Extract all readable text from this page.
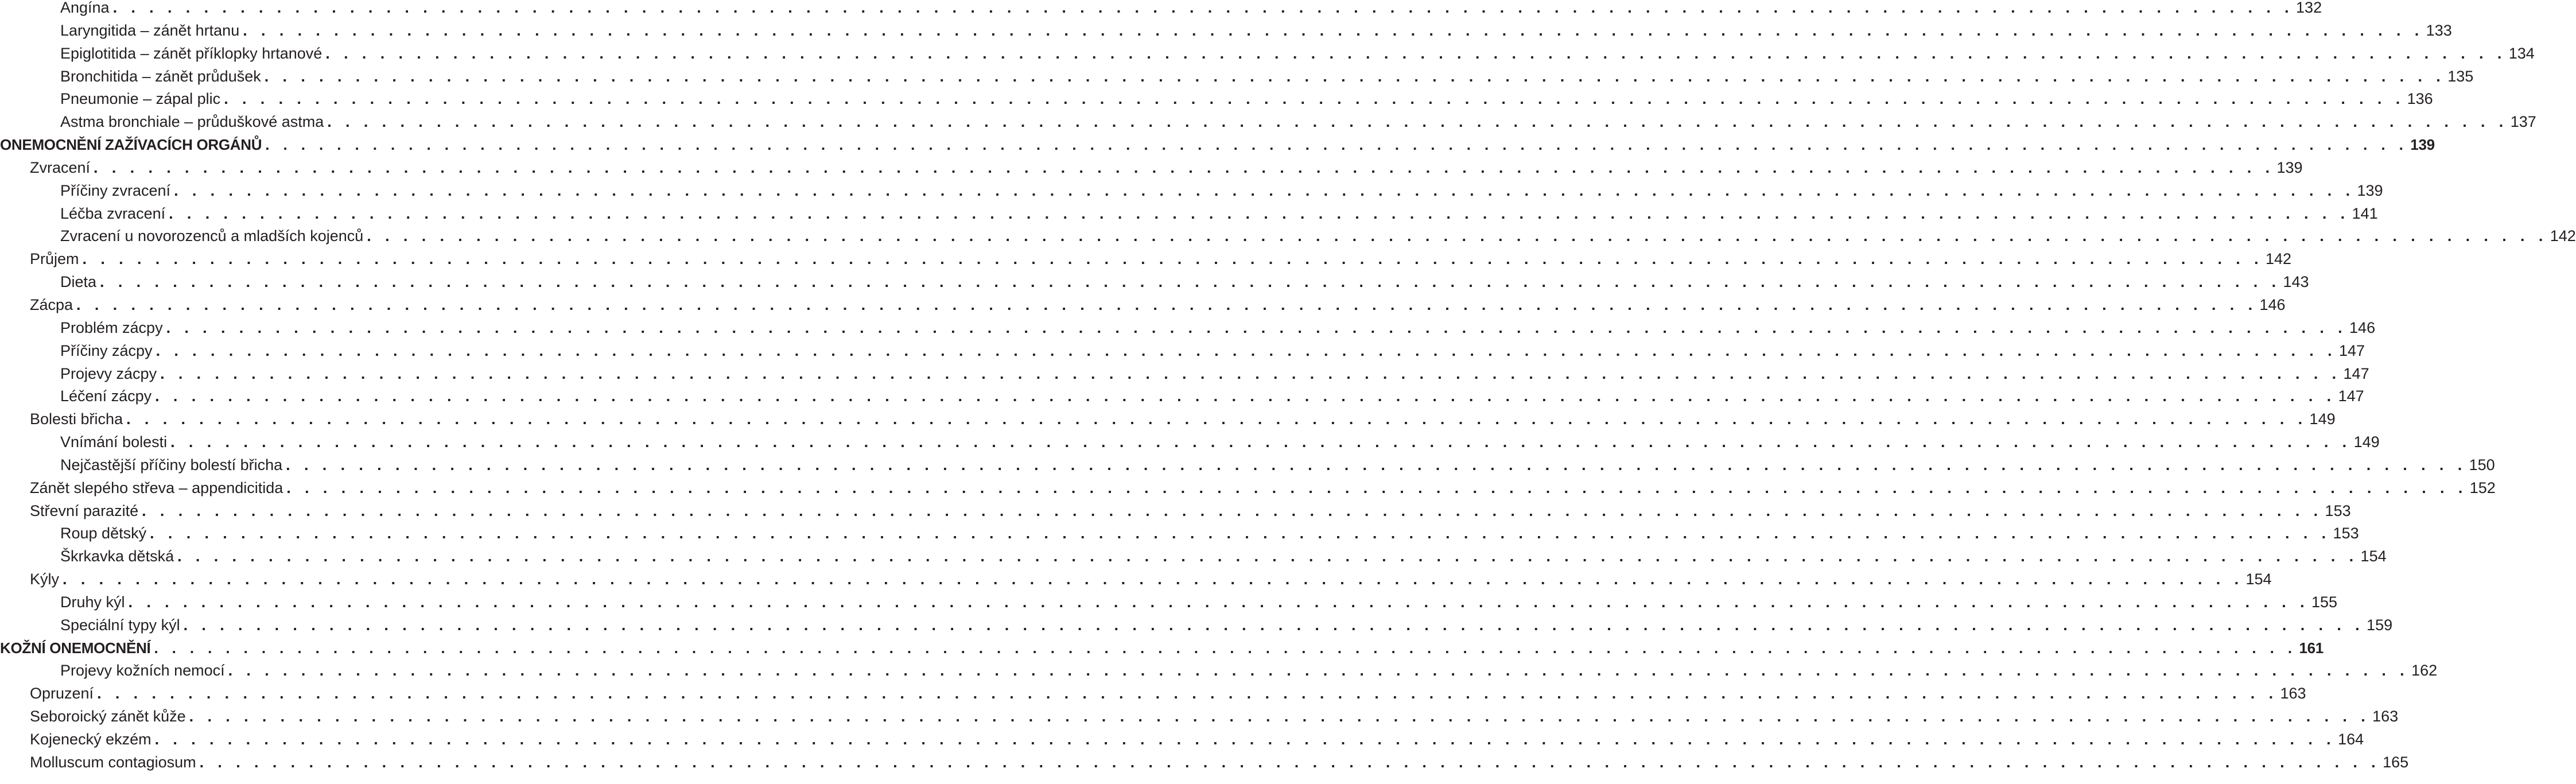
Angína . . . . . . . . . . . . . . . . . . . . . . . . . . . . . . . . . . . . . . . . . . . . . . . . . . . . . . . . . . . . . . . . . . . . . . . . . . . . . . . . . . . . . . . . . . . . . . . . . . . . . . . . . . . . . . . . . . . . . . . . 132
Laryngitida – zánět hrtanu . . . . . . . . . . . . . . . . . . . . . . . . . . . . . . . . . . . . . . . . . . . . . . . . . . . . . . . . . . . . . . . . . . . . . . . . . . . . . . . . . . . . . . . . . . . . . . . . . . . . . . . . . . . . . . . . . . . . . . . . 133
Epiglotitida – zánět příklopky hrtanové . . . . . . . . . . . . . . . . . . . . . . . . . . . . . . . . . . . . . . . . . . . . . . . . . . . . . . . . . . . . . . . . . . . . . . . . . . . . . . . . . . . . . . . . . . . . . . . . . . . . . . . . . . . . . . . . . . . . . . . . 134
Bronchitida – zánět průdušek . . . . . . . . . . . . . . . . . . . . . . . . . . . . . . . . . . . . . . . . . . . . . . . . . . . . . . . . . . . . . . . . . . . . . . . . . . . . . . . . . . . . . . . . . . . . . . . . . . . . . . . . . . . . . . . . . . . . . . . . 135
Pneumonie – zápal plic . . . . . . . . . . . . . . . . . . . . . . . . . . . . . . . . . . . . . . . . . . . . . . . . . . . . . . . . . . . . . . . . . . . . . . . . . . . . . . . . . . . . . . . . . . . . . . . . . . . . . . . . . . . . . . . . . . . . . . . . 136
Astma bronchiale – průduškové astma . . . . . . . . . . . . . . . . . . . . . . . . . . . . . . . . . . . . . . . . . . . . . . . . . . . . . . . . . . . . . . . . . . . . . . . . . . . . . . . . . . . . . . . . . . . . . . . . . . . . . . . . . . . . . . . . . . . . . . . . 137
ONEMOCNĚNÍ ZAŽÍVACÍCH ORGÁNŮ . . . . . . . . . . . . . . . . . . . . . . . . . . . . . . . . . . . . . . . . . . . . . . . . . . . . . . . . . . . . . . . . . . . . . . . . . . . . . . . . . . . . . . . . . . . . . . . . . . . . . . . . . . . . . . . . . . . . . . . . 139
Zvracení . . . . . . . . . . . . . . . . . . . . . . . . . . . . . . . . . . . . . . . . . . . . . . . . . . . . . . . . . . . . . . . . . . . . . . . . . . . . . . . . . . . . . . . . . . . . . . . . . . . . . . . . . . . . . . . . . . . . . . . . 139
Příčiny zvracení . . . . . . . . . . . . . . . . . . . . . . . . . . . . . . . . . . . . . . . . . . . . . . . . . . . . . . . . . . . . . . . . . . . . . . . . . . . . . . . . . . . . . . . . . . . . . . . . . . . . . . . . . . . . . . . . . . . . . . . . 139
Léčba zvracení . . . . . . . . . . . . . . . . . . . . . . . . . . . . . . . . . . . . . . . . . . . . . . . . . . . . . . . . . . . . . . . . . . . . . . . . . . . . . . . . . . . . . . . . . . . . . . . . . . . . . . . . . . . . . . . . . . . . . . . . 141
Zvracení u novorozenců a mladších kojenců . . . . . . . . . . . . . . . . . . . . . . . . . . . . . . . . . . . . . . . . . . . . . . . . . . . . . . . . . . . . . . . . . . . . . . . . . . . . . . . . . . . . . . . . . . . . . . . . . . . . . . . . . . . . . . . . . . . . . . . . 142
Průjem . . . . . . . . . . . . . . . . . . . . . . . . . . . . . . . . . . . . . . . . . . . . . . . . . . . . . . . . . . . . . . . . . . . . . . . . . . . . . . . . . . . . . . . . . . . . . . . . . . . . . . . . . . . . . . . . . . . . . . . . 142
Dieta . . . . . . . . . . . . . . . . . . . . . . . . . . . . . . . . . . . . . . . . . . . . . . . . . . . . . . . . . . . . . . . . . . . . . . . . . . . . . . . . . . . . . . . . . . . . . . . . . . . . . . . . . . . . . . . . . . . . . . . . 143
Zácpa . . . . . . . . . . . . . . . . . . . . . . . . . . . . . . . . . . . . . . . . . . . . . . . . . . . . . . . . . . . . . . . . . . . . . . . . . . . . . . . . . . . . . . . . . . . . . . . . . . . . . . . . . . . . . . . . . . . . . . . . 146
Problém zácpy . . . . . . . . . . . . . . . . . . . . . . . . . . . . . . . . . . . . . . . . . . . . . . . . . . . . . . . . . . . . . . . . . . . . . . . . . . . . . . . . . . . . . . . . . . . . . . . . . . . . . . . . . . . . . . . . . . . . . . . . 146
Příčiny zácpy . . . . . . . . . . . . . . . . . . . . . . . . . . . . . . . . . . . . . . . . . . . . . . . . . . . . . . . . . . . . . . . . . . . . . . . . . . . . . . . . . . . . . . . . . . . . . . . . . . . . . . . . . . . . . . . . . . . . . . . . 147
Projevy zácpy . . . . . . . . . . . . . . . . . . . . . . . . . . . . . . . . . . . . . . . . . . . . . . . . . . . . . . . . . . . . . . . . . . . . . . . . . . . . . . . . . . . . . . . . . . . . . . . . . . . . . . . . . . . . . . . . . . . . . . . . 147
Léčení zácpy . . . . . . . . . . . . . . . . . . . . . . . . . . . . . . . . . . . . . . . . . . . . . . . . . . . . . . . . . . . . . . . . . . . . . . . . . . . . . . . . . . . . . . . . . . . . . . . . . . . . . . . . . . . . . . . . . . . . . . . . 147
Bolesti břicha . . . . . . . . . . . . . . . . . . . . . . . . . . . . . . . . . . . . . . . . . . . . . . . . . . . . . . . . . . . . . . . . . . . . . . . . . . . . . . . . . . . . . . . . . . . . . . . . . . . . . . . . . . . . . . . . . . . . . . . . 149
Vnímání bolesti . . . . . . . . . . . . . . . . . . . . . . . . . . . . . . . . . . . . . . . . . . . . . . . . . . . . . . . . . . . . . . . . . . . . . . . . . . . . . . . . . . . . . . . . . . . . . . . . . . . . . . . . . . . . . . . . . . . . . . . . 149
Nejčastější příčiny bolestí břicha . . . . . . . . . . . . . . . . . . . . . . . . . . . . . . . . . . . . . . . . . . . . . . . . . . . . . . . . . . . . . . . . . . . . . . . . . . . . . . . . . . . . . . . . . . . . . . . . . . . . . . . . . . . . . . . . . . . . . . . . 150
Zánět slepého střeva – appendicitida . . . . . . . . . . . . . . . . . . . . . . . . . . . . . . . . . . . . . . . . . . . . . . . . . . . . . . . . . . . . . . . . . . . . . . . . . . . . . . . . . . . . . . . . . . . . . . . . . . . . . . . . . . . . . . . . . . . . . . . . 152
Střevní parazité . . . . . . . . . . . . . . . . . . . . . . . . . . . . . . . . . . . . . . . . . . . . . . . . . . . . . . . . . . . . . . . . . . . . . . . . . . . . . . . . . . . . . . . . . . . . . . . . . . . . . . . . . . . . . . . . . . . . . . . . 153
Roup dětský . . . . . . . . . . . . . . . . . . . . . . . . . . . . . . . . . . . . . . . . . . . . . . . . . . . . . . . . . . . . . . . . . . . . . . . . . . . . . . . . . . . . . . . . . . . . . . . . . . . . . . . . . . . . . . . . . . . . . . . . 153
Škrkavka dětská . . . . . . . . . . . . . . . . . . . . . . . . . . . . . . . . . . . . . . . . . . . . . . . . . . . . . . . . . . . . . . . . . . . . . . . . . . . . . . . . . . . . . . . . . . . . . . . . . . . . . . . . . . . . . . . . . . . . . . . . 154
Kýly . . . . . . . . . . . . . . . . . . . . . . . . . . . . . . . . . . . . . . . . . . . . . . . . . . . . . . . . . . . . . . . . . . . . . . . . . . . . . . . . . . . . . . . . . . . . . . . . . . . . . . . . . . . . . . . . . . . . . . . . 154
Druhy kýl . . . . . . . . . . . . . . . . . . . . . . . . . . . . . . . . . . . . . . . . . . . . . . . . . . . . . . . . . . . . . . . . . . . . . . . . . . . . . . . . . . . . . . . . . . . . . . . . . . . . . . . . . . . . . . . . . . . . . . . . 155
Speciální typy kýl . . . . . . . . . . . . . . . . . . . . . . . . . . . . . . . . . . . . . . . . . . . . . . . . . . . . . . . . . . . . . . . . . . . . . . . . . . . . . . . . . . . . . . . . . . . . . . . . . . . . . . . . . . . . . . . . . . . . . . . . 159
KOŽNÍ ONEMOCNĚNÍ . . . . . . . . . . . . . . . . . . . . . . . . . . . . . . . . . . . . . . . . . . . . . . . . . . . . . . . . . . . . . . . . . . . . . . . . . . . . . . . . . . . . . . . . . . . . . . . . . . . . . . . . . . . . . . . . . . . . . . . . 161
Projevy kožních nemocí . . . . . . . . . . . . . . . . . . . . . . . . . . . . . . . . . . . . . . . . . . . . . . . . . . . . . . . . . . . . . . . . . . . . . . . . . . . . . . . . . . . . . . . . . . . . . . . . . . . . . . . . . . . . . . . . . . . . . . . . 162
Opruzení . . . . . . . . . . . . . . . . . . . . . . . . . . . . . . . . . . . . . . . . . . . . . . . . . . . . . . . . . . . . . . . . . . . . . . . . . . . . . . . . . . . . . . . . . . . . . . . . . . . . . . . . . . . . . . . . . . . . . . . . 163
Seboroický zánět kůže . . . . . . . . . . . . . . . . . . . . . . . . . . . . . . . . . . . . . . . . . . . . . . . . . . . . . . . . . . . . . . . . . . . . . . . . . . . . . . . . . . . . . . . . . . . . . . . . . . . . . . . . . . . . . . . . . . . . . . . . 163
Kojenecký ekzém . . . . . . . . . . . . . . . . . . . . . . . . . . . . . . . . . . . . . . . . . . . . . . . . . . . . . . . . . . . . . . . . . . . . . . . . . . . . . . . . . . . . . . . . . . . . . . . . . . . . . . . . . . . . . . . . . . . . . . . . 164
Molluscum contagiosum . . . . . . . . . . . . . . . . . . . . . . . . . . . . . . . . . . . . . . . . . . . . . . . . . . . . . . . . . . . . . . . . . . . . . . . . . . . . . . . . . . . . . . . . . . . . . . . . . . . . . . . . . . . . . . . . . . . . . . . . 165
